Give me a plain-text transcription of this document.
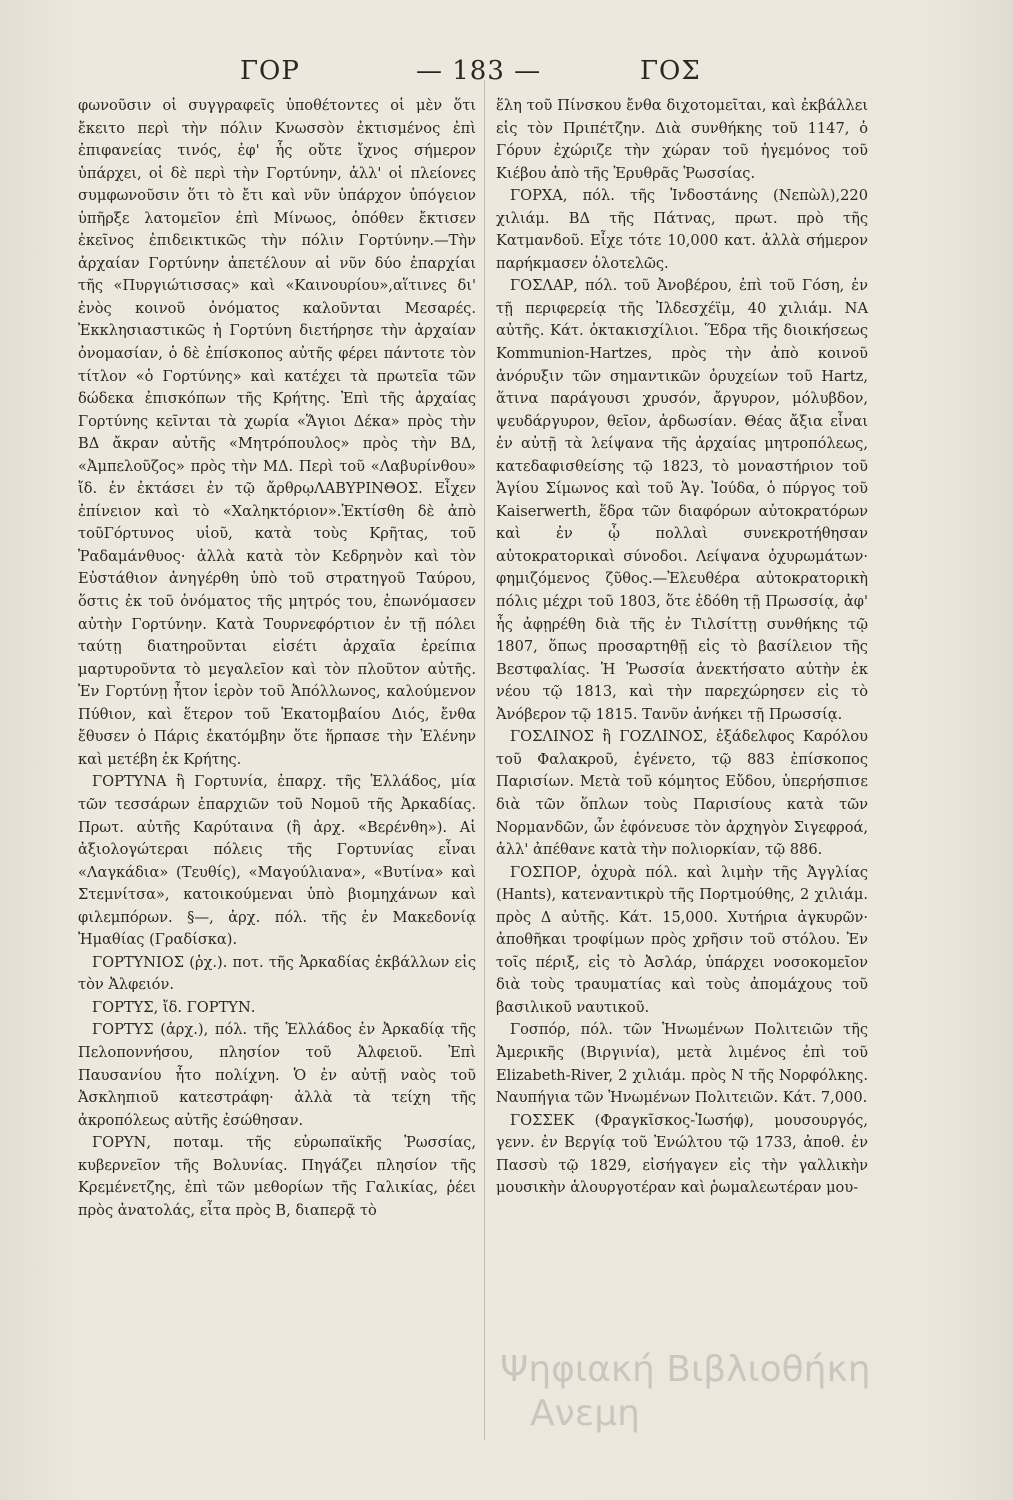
ΓΟΡ	— 183 —	ΓΟΣ

φωνοῦσιν οἱ συγγραφεῖς ὑποθέτοντες οἱ μὲν ὅτι ἔκειτο περὶ τὴν πόλιν Κνωσσὸν ἐκτισμένος ἐπὶ ἐπιφανείας τινός, ἐφ' ἧς οὔτε ἴχνος σήμερον ὑπάρχει, οἱ δὲ περὶ τὴν Γορτύνην, ἀλλ' οἱ πλείονες συμφωνοῦσιν ὅτι τὸ ἔτι καὶ νῦν ὑπάρχον ὑπόγειον ὑπῆρξε λατομεῖον ἐπὶ Μίνωος, ὁπόθεν ἔκτισεν ἐκεῖνος ἐπιδεικτικῶς τὴν πόλιν Γορτύνην.—Τὴν ἀρχαίαν Γορτύνην ἀπετέλουν αἱ νῦν δύο ἐπαρχίαι τῆς «Πυργιώτισσας» καὶ «Καινουρίου»,αἵτινες δι' ἑνὸς κοινοῦ ὀνόματος καλοῦνται Μεσαρές. Ἐκκλησιαστικῶς ἡ Γορτύνη διετήρησε τὴν ἀρχαίαν ὀνομασίαν, ὁ δὲ ἐπίσκοπος αὐτῆς φέρει πάντοτε τὸν τίτλον «ὁ Γορτύνης» καὶ κατέχει τὰ πρωτεῖα τῶν δώδεκα ἐπισκόπων τῆς Κρήτης. Ἐπὶ τῆς ἀρχαίας Γορτύνης κεῖνται τὰ χωρία «Ἅγιοι Δέκα» πρὸς τὴν ΒΔ ἄκραν αὐτῆς «Μητρόπουλος» πρὸς τὴν ΒΔ, «Ἀμπελοῦζος» πρὸς τὴν ΜΔ. Περὶ τοῦ «Λαβυρίνθου» ἴδ. ἐν ἐκτάσει ἐν τῷ ἄρθρῳΛΑΒΥΡΙΝΘΟΣ. Εἶχεν ἐπίνειον καὶ τὸ «Χαληκτόριον».Ἐκτίσθη δὲ ἀπὸ τοῦΓόρτυνος υἱοῦ, κατὰ τοὺς Κρῆτας, τοῦ Ῥαδαμάνθυος· ἀλλὰ κατὰ τὸν Κεδρηνὸν καὶ τὸν Εὐστάθιον ἀνηγέρθη ὑπὸ τοῦ στρατηγοῦ Ταύρου, ὅστις ἐκ τοῦ ὀνόματος τῆς μητρός του, ἐπωνόμασεν αὐτὴν Γορτύνην. Κατὰ Τουρνεφόρτιον ἐν τῇ πόλει ταύτῃ διατηροῦνται εἰσέτι ἀρχαῖα ἐρείπια μαρτυροῦντα τὸ μεγαλεῖον καὶ τὸν πλοῦτον αὐτῆς. Ἐν Γορτύνῃ ἦτον ἱερὸν τοῦ Ἀπόλλωνος, καλούμενον Πύθιον, καὶ ἕτερον τοῦ Ἑκατομβαίου Διός, ἔνθα ἔθυσεν ὁ Πάρις ἑκατόμβην ὅτε ἥρπασε τὴν Ἑλένην καὶ μετέβη ἐκ Κρήτης.

ΓΟΡΤΥΝΑ ἢ Γορτυνία, ἐπαρχ. τῆς Ἑλλάδος, μία τῶν τεσσάρων ἐπαρχιῶν τοῦ Νομοῦ τῆς Ἀρκαδίας. Πρωτ. αὐτῆς Καρύταινα (ἢ ἀρχ. «Βερένθη»). Αἱ ἀξιολογώτεραι πόλεις τῆς Γορτυνίας εἶναι «Λαγκάδια» (Τευθίς), «Μαγούλιανα», «Βυτίνα» καὶ Στεμνίτσα», κατοικούμεναι ὑπὸ βιομηχάνων καὶ φιλεμπόρων. §—, ἀρχ. πόλ. τῆς ἐν Μακεδονίᾳ Ἠμαθίας (Γραδίσκα).

ΓΟΡΤΥΝΙΟΣ (ῥχ.). ποτ. τῆς Ἀρκαδίας ἐκβάλλων εἰς τὸν Ἀλφειόν.

ΓΟΡΤΥΣ, ἴδ. ΓΟΡΤΥΝ.

ΓΟΡΤΥΣ (ἀρχ.), πόλ. τῆς Ἑλλάδος ἐν Ἀρκαδίᾳ τῆς Πελοποννήσου, πλησίον τοῦ Ἀλφειοῦ. Ἐπὶ Παυσανίου ἦτο πολίχνη. Ὁ ἐν αὐτῇ ναὸς τοῦ Ἀσκληπιοῦ κατεστράφη· ἀλλὰ τὰ τείχη τῆς ἀκροπόλεως αὐτῆς ἐσώθησαν.

ΓΟΡΥΝ, ποταμ. τῆς εὐρωπαϊκῆς Ῥωσσίας, κυβερνεῖον τῆς Βολυνίας. Πηγάζει πλησίον τῆς Κρεμένετζης, ἐπὶ τῶν μεθορίων τῆς Γαλικίας, ῥέει πρὸς ἀνατολάς, εἶτα πρὸς Β, διαπερᾷ τὸ

ἕλη τοῦ Πίνσκου ἔνθα διχοτομεῖται, καὶ ἐκβάλλει εἰς τὸν Πριπέτζην. Διὰ συνθήκης τοῦ 1147, ὁ Γόρυν ἐχώριζε τὴν χώραν τοῦ ἡγεμόνος τοῦ Κιέβου ἀπὸ τῆς Ἐρυθρᾶς Ῥωσσίας.

ΓΟΡΧΑ, πόλ. τῆς Ἰνδοστάνης (Νεπὼλ),220 χιλιάμ. ΒΔ τῆς Πάτνας, πρωτ. πρὸ τῆς Κατμανδοῦ. Εἶχε τότε 10,000 κατ. ἀλλὰ σήμερον παρήκμασεν ὁλοτελῶς.

ΓΟΣΛΑΡ, πόλ. τοῦ Ἀνοβέρου, ἐπὶ τοῦ Γόση, ἐν τῇ περιφερείᾳ τῆς Ἰλδεσχέϊμ, 40 χιλιάμ. ΝΑ αὐτῆς. Κάτ. ὀκτακισχίλιοι. Ἕδρα τῆς διοικήσεως Kommunion-Hartzes, πρὸς τὴν ἀπὸ κοινοῦ ἀνόρυξιν τῶν σημαντικῶν ὀρυχείων τοῦ Hartz, ἅτινα παράγουσι χρυσόν, ἄργυρον, μόλυβδον, ψευδάργυρον, θεῖον, ἀρδωσίαν. Θέας ἄξια εἶναι ἐν αὐτῇ τὰ λείψανα τῆς ἀρχαίας μητροπόλεως, κατεδαφισθείσης τῷ 1823, τὸ μοναστήριον τοῦ Ἁγίου Σίμωνος καὶ τοῦ Ἁγ. Ἰούδα, ὁ πύργος τοῦ Kaiserwerth, ἕδρα τῶν διαφόρων αὐτοκρατόρων καὶ ἐν ᾧ πολλαὶ συνεκροτήθησαν αὐτοκρατορικαὶ σύνοδοι. Λείψανα ὀχυρωμάτων· φημιζόμενος ζῦθος.—Ἐλευθέρα αὐτοκρατορικὴ πόλις μέχρι τοῦ 1803, ὅτε ἐδόθη τῇ Πρωσσίᾳ, ἀφ' ἧς ἀφῃρέθη διὰ τῆς ἐν Τιλσίττῃ συνθήκης τῷ 1807, ὅπως προσαρτηθῇ εἰς τὸ βασίλειον τῆς Βεστφαλίας. Ἡ Ῥωσσία ἀνεκτήσατο αὐτὴν ἐκ νέου τῷ 1813, καὶ τὴν παρεχώρησεν εἰς τὸ Ἀνόβερον τῷ 1815. Τανῦν ἀνήκει τῇ Πρωσσίᾳ.

ΓΟΣΛΙΝΟΣ ἢ ΓΟΖΛΙΝΟΣ, ἐξάδελφος Καρόλου τοῦ Φαλακροῦ, ἐγένετο, τῷ 883 ἐπίσκοπος Παρισίων. Μετὰ τοῦ κόμητος Εὔδου, ὑπερήσπισε διὰ τῶν ὅπλων τοὺς Παρισίους κατὰ τῶν Νορμανδῶν, ὧν ἐφόνευσε τὸν ἀρχηγὸν Σιγεφροά, ἀλλ' ἀπέθανε κατὰ τὴν πολιορκίαν, τῷ 886.

ΓΟΣΠΟΡ, ὀχυρὰ πόλ. καὶ λιμὴν τῆς Ἀγγλίας (Hants), κατεναντικρὺ τῆς Πορτμούθης, 2 χιλιάμ. πρὸς Δ αὐτῆς. Κάτ. 15,000. Χυτήρια ἀγκυρῶν· ἀποθῆκαι τροφίμων πρὸς χρῆσιν τοῦ στόλου. Ἐν τοῖς πέριξ, εἰς τὸ Ἀσλάρ, ὑπάρχει νοσοκομεῖον διὰ τοὺς τραυματίας καὶ τοὺς ἀπομάχους τοῦ βασιλικοῦ ναυτικοῦ.

Γοσπόρ, πόλ. τῶν Ἡνωμένων Πολιτειῶν τῆς Ἀμερικῆς (Βιργινία), μετὰ λιμένος ἐπὶ τοῦ Elizabeth-River, 2 χιλιάμ. πρὸς Ν τῆς Νορφόλκης. Ναυπήγια τῶν Ἡνωμένων Πολιτειῶν. Κάτ. 7,000.

ΓΟΣΣΕΚ (Φραγκῖσκος-Ἰωσήφ), μουσουργός, γενν. ἐν Βεργίᾳ τοῦ Ἐνώλτου τῷ 1733, ἀποθ. ἐν Πασσὺ τῷ 1829, εἰσήγαγεν εἰς τὴν γαλλικὴν μουσικὴν ἁλουργοτέραν καὶ ῥωμαλεωτέραν μου-

Ψηφιακή Βιβλιοθήκη
Ανεμη
